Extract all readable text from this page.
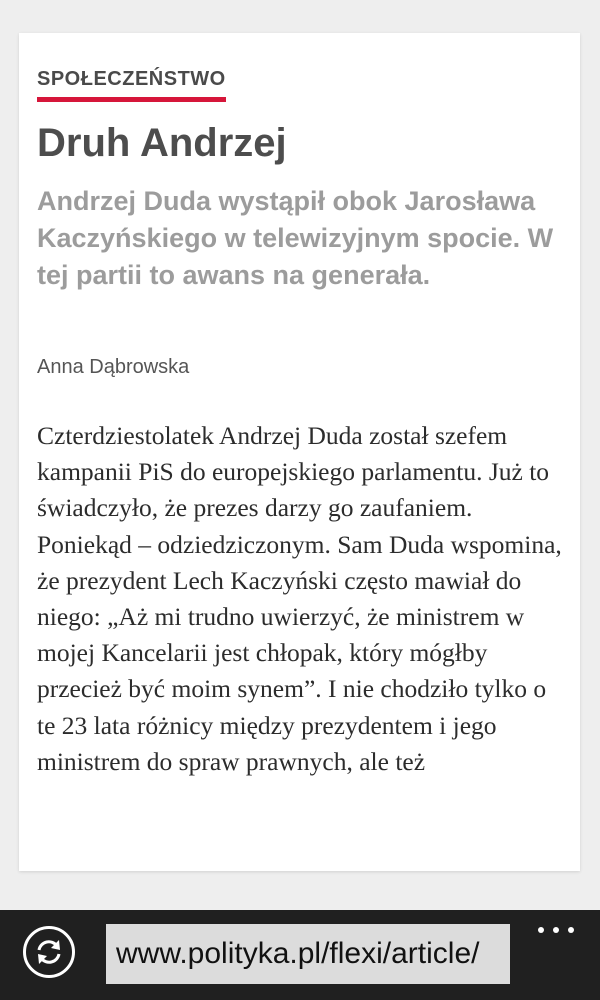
SPOŁECZEŃSTWO
Druh Andrzej

Andrzej Duda wystąpił obok Jarosława Kaczyńskiego w telewizyjnym spocie. W tej partii to awans na generała.

Anna Dąbrowska

Czterdziestolatek Andrzej Duda został szefem kampanii PiS do europejskiego parlamentu. Już to świadczyło, że prezes darzy go zaufaniem. Poniekąd – odziedziczonym. Sam Duda wspomina, że prezydent Lech Kaczyński często mawiał do niego: „Aż mi trudno uwierzyć, że ministrem w mojej Kancelarii jest chłopak, który mógłby przecież być moim synem”. I nie chodziło tylko o te 23 lata różnicy między prezydentem i jego ministrem do spraw prawnych, ale też

www.polityka.pl/flexi/article/
